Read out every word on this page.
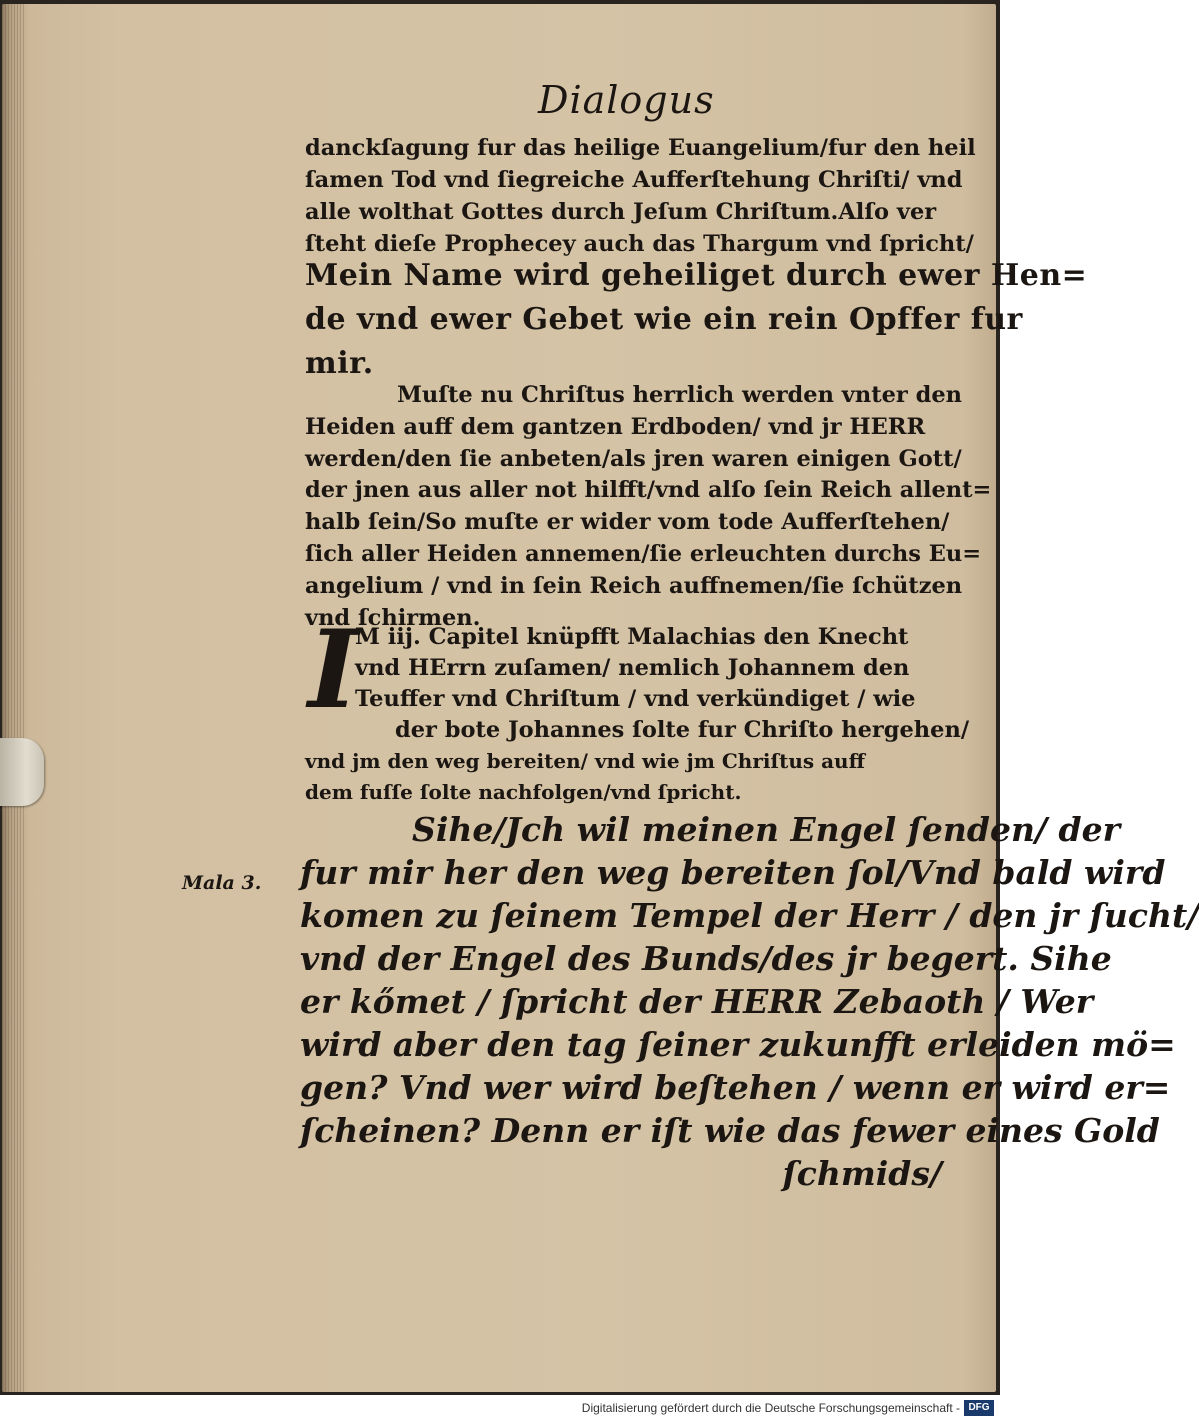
Dialogus
danckſagung fur das heilige Euangelium/fur den heil
ſamen Tod vnd ſiegreiche Aufferſtehung Chriſti/ vnd
alle wolthat Gottes durch Jeſum Chriſtum.Alſo ver
ſteht dieſe Prophecey auch das Thargum vnd ſpricht/
Mein Name wird geheiliget durch ewer Hen=
de vnd ewer Gebet wie ein rein Opffer fur
mir.
Muſte nu Chriſtus herrlich werden vnter den
Heiden auff dem gantzen Erdboden/ vnd jr HERR
werden/den ſie anbeten/als jren waren einigen Gott/
der jnen aus aller not hilfft/vnd alſo ſein Reich allent=
halb ſein/So muſte er wider vom tode Aufferſtehen/
ſich aller Heiden annemen/ſie erleuchten durchs Eu=
angelium / vnd in ſein Reich auffnemen/ſie ſchützen
vnd ſchirmen.
I
M iij. Capitel knüpfft Malachias den Knecht
vnd HErrn zuſamen/ nemlich Johannem den
Teuffer vnd Chriſtum / vnd verkündiget / wie
der bote Johannes ſolte fur Chriſto hergehen/
vnd jm den weg bereiten/ vnd wie jm Chriſtus auff
dem fuſſe ſolte nachfolgen/vnd ſpricht.
Mala 3.
Sihe/Jch wil meinen Engel ſenden/ der
fur mir her den weg bereiten ſol/Vnd bald wird
komen zu ſeinem Tempel der Herr / den jr ſucht/
vnd der Engel des Bunds/des jr begert. Sihe
er kőmet / ſpricht der HERR Zebaoth / Wer
wird aber den tag ſeiner zukunfft erleiden mö=
gen? Vnd wer wird beſtehen / wenn er wird er=
ſcheinen? Denn er iſt wie das fewer eines Gold
ſchmids/
Digitalisierung gefördert durch die Deutsche Forschungsgemeinschaft - DFG
